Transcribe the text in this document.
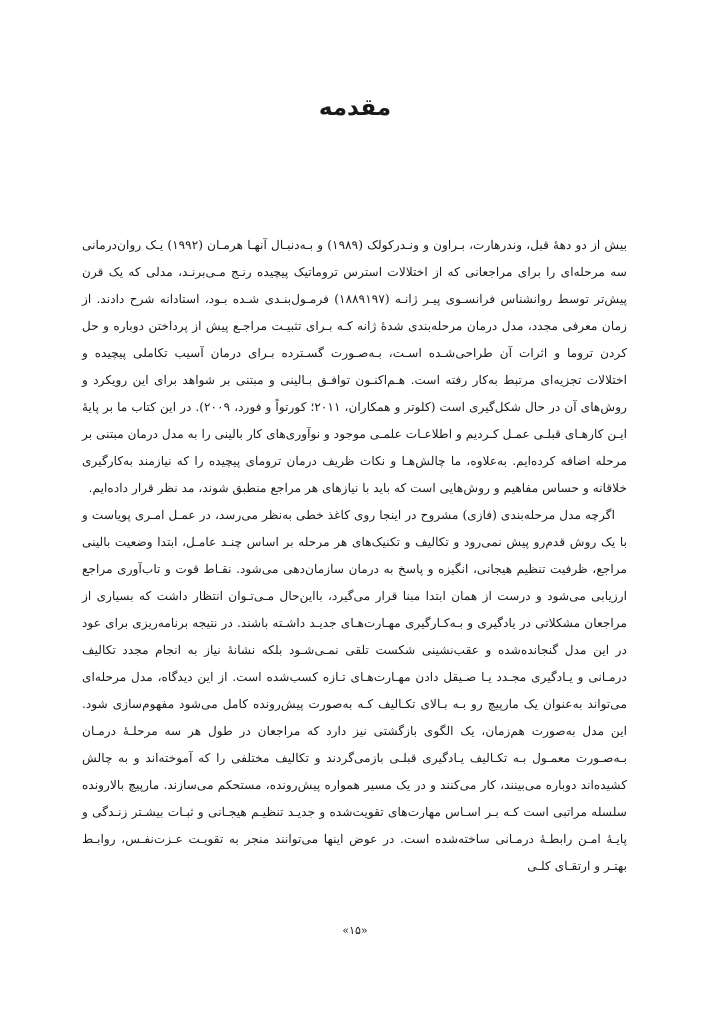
مقدمه

بیش از دو دههٔ قبل، وندرهارت، بـراون و ونـدرکولک (۱۹۸۹) و بـه‌دنبـال آنهـا هرمـان (۱۹۹۲) یـک روان‌درمانی سه مرحله‌ای را برای مراجعانی که از اختلالات استرس تروماتیک پیچیده رنـج مـی‌برنـد، مدلی که یک قرن پیش‌تر توسط روانشناس فرانسـوی پیـر ژانـه (۱۸۸۹۱۹۷) فرمـول‌بنـدی شـده بـود، استادانه شرح دادند. از زمان معرفی مجدد، مدل درمان مرحله‌بندی شدهٔ ژانه کـه بـرای تثبیـت مراجـع پیش از پرداختن دوباره و حل کردن تروما و اثرات آن طراحی‌شـده اسـت، بـه‌صـورت گسـترده بـرای درمان آسیب تکاملی پیچیده و اختلالات تجزیه‌ای مرتبط به‌کار رفته است. هـم‌اکنـون توافـق بـالینی و مبتنی بر شواهد برای این رویکرد و روش‌های آن در حال شکل‌گیری است (کلوتر و همکاران، ۲۰۱۱؛ کورتواً و فورد، ۲۰۰۹). در این کتاب ما بر پایهٔ ایـن کارهـای قبلـی عمـل کـردیم و اطلاعـات علمـی موجود و نوآوری‌های کار بالینی را به مدل درمان مبتنی بر مرحله اضافه کرده‌ایم. به‌علاوه، ما چالش‌هـا و نکات ظریف درمان ترومای پیچیده را که نیازمند به‌کارگیری خلاقانه و حساس مفاهیم و روش‌هایی است که باید با نیازهای هر مراجع منطبق شوند، مد نظر قرار داده‌ایم.

اگرچه مدل مرحله‌بندی (فازی) مشروح در اینجا روی کاغذ خطی به‌نظر می‌رسد، در عمـل امـری پویاست و با یک روش قدم‌رو پیش نمی‌رود و تکالیف و تکنیک‌های هر مرحله بر اساس چنـد عامـل، ابتدا وضعیت بالینی مراجع، ظرفیت تنظیم هیجانی، انگیزه و پاسخ به درمان سازمان‌دهی می‌شود. نقـاط قوت و تاب‌آوری مراجع ارزیابی می‌شود و درست از همان ابتدا مبنا قرار می‌گیرد، بااین‌حال مـی‌تـوان انتظار داشت که بسیاری از مراجعان مشکلاتی در یادگیری و بـه‌کـارگیری مهـارت‌هـای جدیـد داشـته باشند. در نتیجه برنامه‌ریزی برای عود در این مدل گنجانده‌شده و عقب‌نشینی شکست تلقی نمـی‌شـود بلکه نشانهٔ نیاز به انجام مجدد تکالیف درمـانی و یـادگیری مجـدد یـا صـیقل دادن مهـارت‌هـای تـازه کسب‌شده است. از این دیدگاه، مدل مرحله‌ای می‌تواند به‌عنوان یک مارپیچ رو بـه بـالای تکـالیف کـه به‌صورت پیش‌رونده کامل می‌شود مفهوم‌سازی شود. این مدل به‌صورت هم‌زمان، یک الگوی بازگشتی نیز دارد که مراجعان در طول هر سه مرحلـهٔ درمـان بـه‌صـورت معمـول بـه تکـالیف یـادگیری قبلـی بازمی‌گردند و تکالیف مختلفی را که آموخته‌اند و به چالش کشیده‌اند دوباره می‌بینند، کار می‌کنند و در یک مسیر همواره پیش‌رونده، مستحکم می‌سازند. مارپیچ بالارونده سلسله مراتبی است کـه بـر اسـاس مهارت‌های تقویت‌شده و جدیـد تنظیـم هیجـانی و ثبـات بیشـتر زنـدگی و پایـهٔ امـن رابطـهٔ درمـانی ساخته‌شده است. در عوض اینها می‌توانند منجر به تقویـت عـزت‌نفـس، روابـط بهتـر و ارتقـای کلـی

«۱۵»
